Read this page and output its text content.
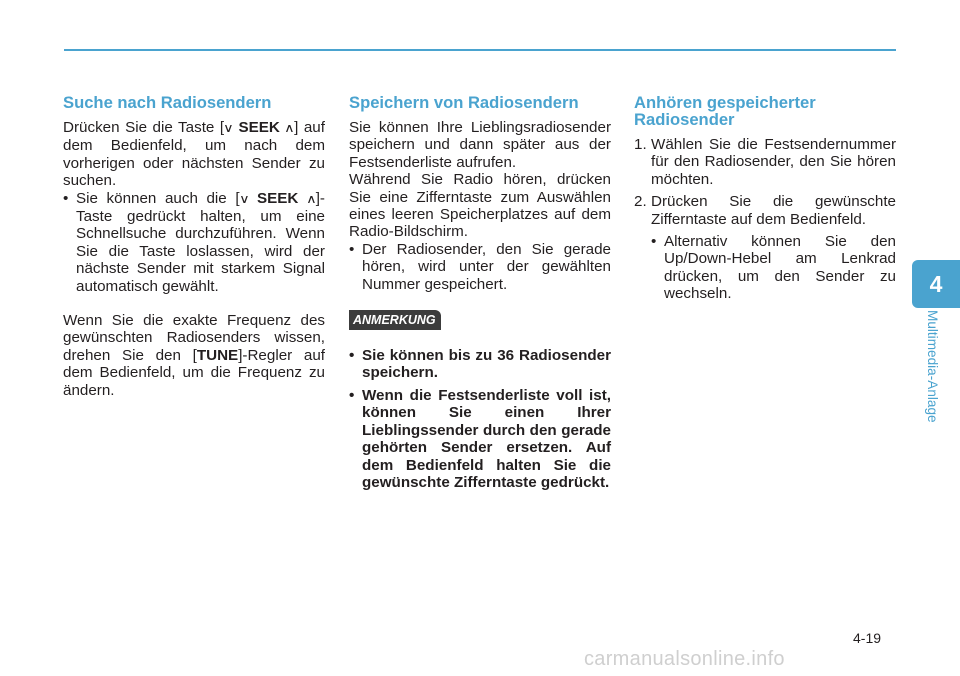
Suche nach Radiosendern

Drücken Sie die Taste [∨ SEEK ∧] auf dem Bedienfeld, um nach dem vorherigen oder nächsten Sender zu suchen.

• Sie können auch die [∨ SEEK ∧]-Taste gedrückt halten, um eine Schnellsuche durchzuführen. Wenn Sie die Taste loslassen, wird der nächste Sender mit starkem Signal automatisch gewählt.

Wenn Sie die exakte Frequenz des gewünschten Radiosenders wissen, drehen Sie den [TUNE]-Regler auf dem Bedienfeld, um die Frequenz zu ändern.

Speichern von Radiosendern

Sie können Ihre Lieblingsradiosender speichern und dann später aus der Festsenderliste aufrufen.

Während Sie Radio hören, drücken Sie eine Zifferntaste zum Auswählen eines leeren Speicherplatzes auf dem Radio-Bildschirm.

• Der Radiosender, den Sie gerade hören, wird unter der gewählten Nummer gespeichert.
ANMERKUNG
• Sie können bis zu 36 Radiosender speichern.
• Wenn die Festsenderliste voll ist, können Sie einen Ihrer Lieblingssender durch den gerade gehörten Sender ersetzen. Auf dem Bedienfeld halten Sie die gewünschte Zifferntaste gedrückt.
Anhören gespeicherter Radiosender
1. Wählen Sie die Festsendernummer für den Radiosender, den Sie hören möchten.
2. Drücken Sie die gewünschte Zifferntaste auf dem Bedienfeld.
• Alternativ können Sie den Up/Down-Hebel am Lenkrad drücken, um den Sender zu wechseln.	4
Multimedia-Anlage
4-19
carmanualsonline.info
